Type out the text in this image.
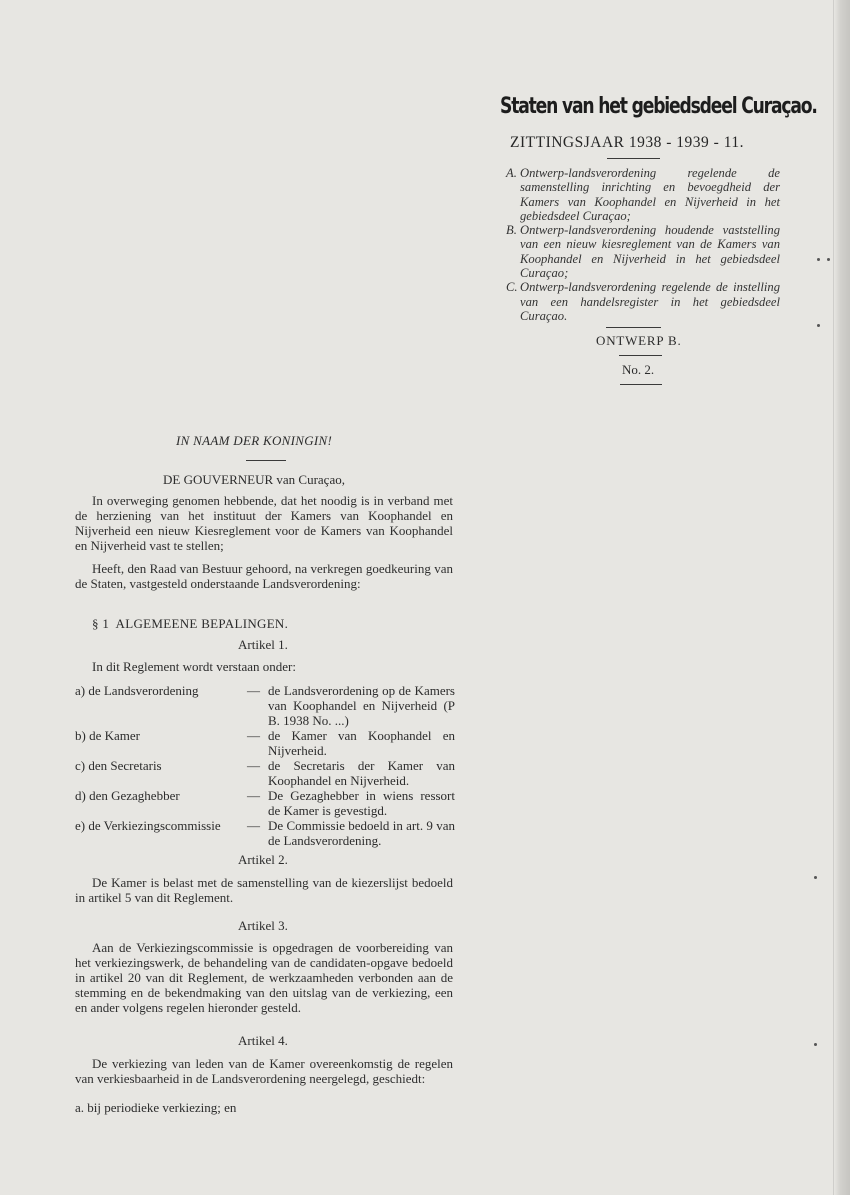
Staten van het gebiedsdeel Curaçao.
ZITTINGSJAAR 1938 - 1939 - 11.
A. Ontwerp-landsverordening regelende de samenstelling inrichting en bevoegdheid der Kamers van Koophandel en Nijverheid in het gebiedsdeel Curaçao;
B. Ontwerp-landsverordening houdende vaststelling van een nieuw kiesreglement van de Kamers van Koophandel en Nijverheid in het gebiedsdeel Curaçao;
C. Ontwerp-landsverordening regelende de instelling van een handelsregister in het gebiedsdeel Curaçao.
ONTWERP B.
No. 2.
IN NAAM DER KONINGIN!
DE GOUVERNEUR van Curaçao,
In overweging genomen hebbende, dat het noodig is in verband met de herziening van het instituut der Kamers van Koophandel en Nijverheid een nieuw Kiesreglement voor de Kamers van Koophandel en Nijverheid vast te stellen;
Heeft, den Raad van Bestuur gehoord, na verkregen goedkeuring van de Staten, vastgesteld onderstaande Landsverordening:
§ 1  ALGEMEENE BEPALINGEN.
Artikel 1.
In dit Reglement wordt verstaan onder:
a) de Landsverordening	— de Landsverordening op de Kamers van Koophandel en Nijverheid (P B. 1938 No. ...)
b) de Kamer	— de Kamer van Koophandel en Nijverheid.
c) den Secretaris	— de Secretaris der Kamer van Koophandel en Nijverheid.
d) den Gezaghebber	— De Gezaghebber in wiens ressort de Kamer is gevestigd.
e) de Verkiezingscommissie	— De Commissie bedoeld in art. 9 van de Landsverordening.
Artikel 2.
De Kamer is belast met de samenstelling van de kiezerslijst bedoeld in artikel 5 van dit Reglement.
Artikel 3.
Aan de Verkiezingscommissie is opgedragen de voorbereiding van het verkiezingswerk, de behandeling van de candidaten-opgave bedoeld in artikel 20 van dit Reglement, de werkzaamheden verbonden aan de stemming en de bekendmaking van den uitslag van de verkiezing, een en ander volgens regelen hieronder gesteld.
Artikel 4.
De verkiezing van leden van de Kamer overeenkomstig de regelen van verkiesbaarheid in de Landsverordening neergelegd, geschiedt:
a. bij periodieke verkiezing; en
